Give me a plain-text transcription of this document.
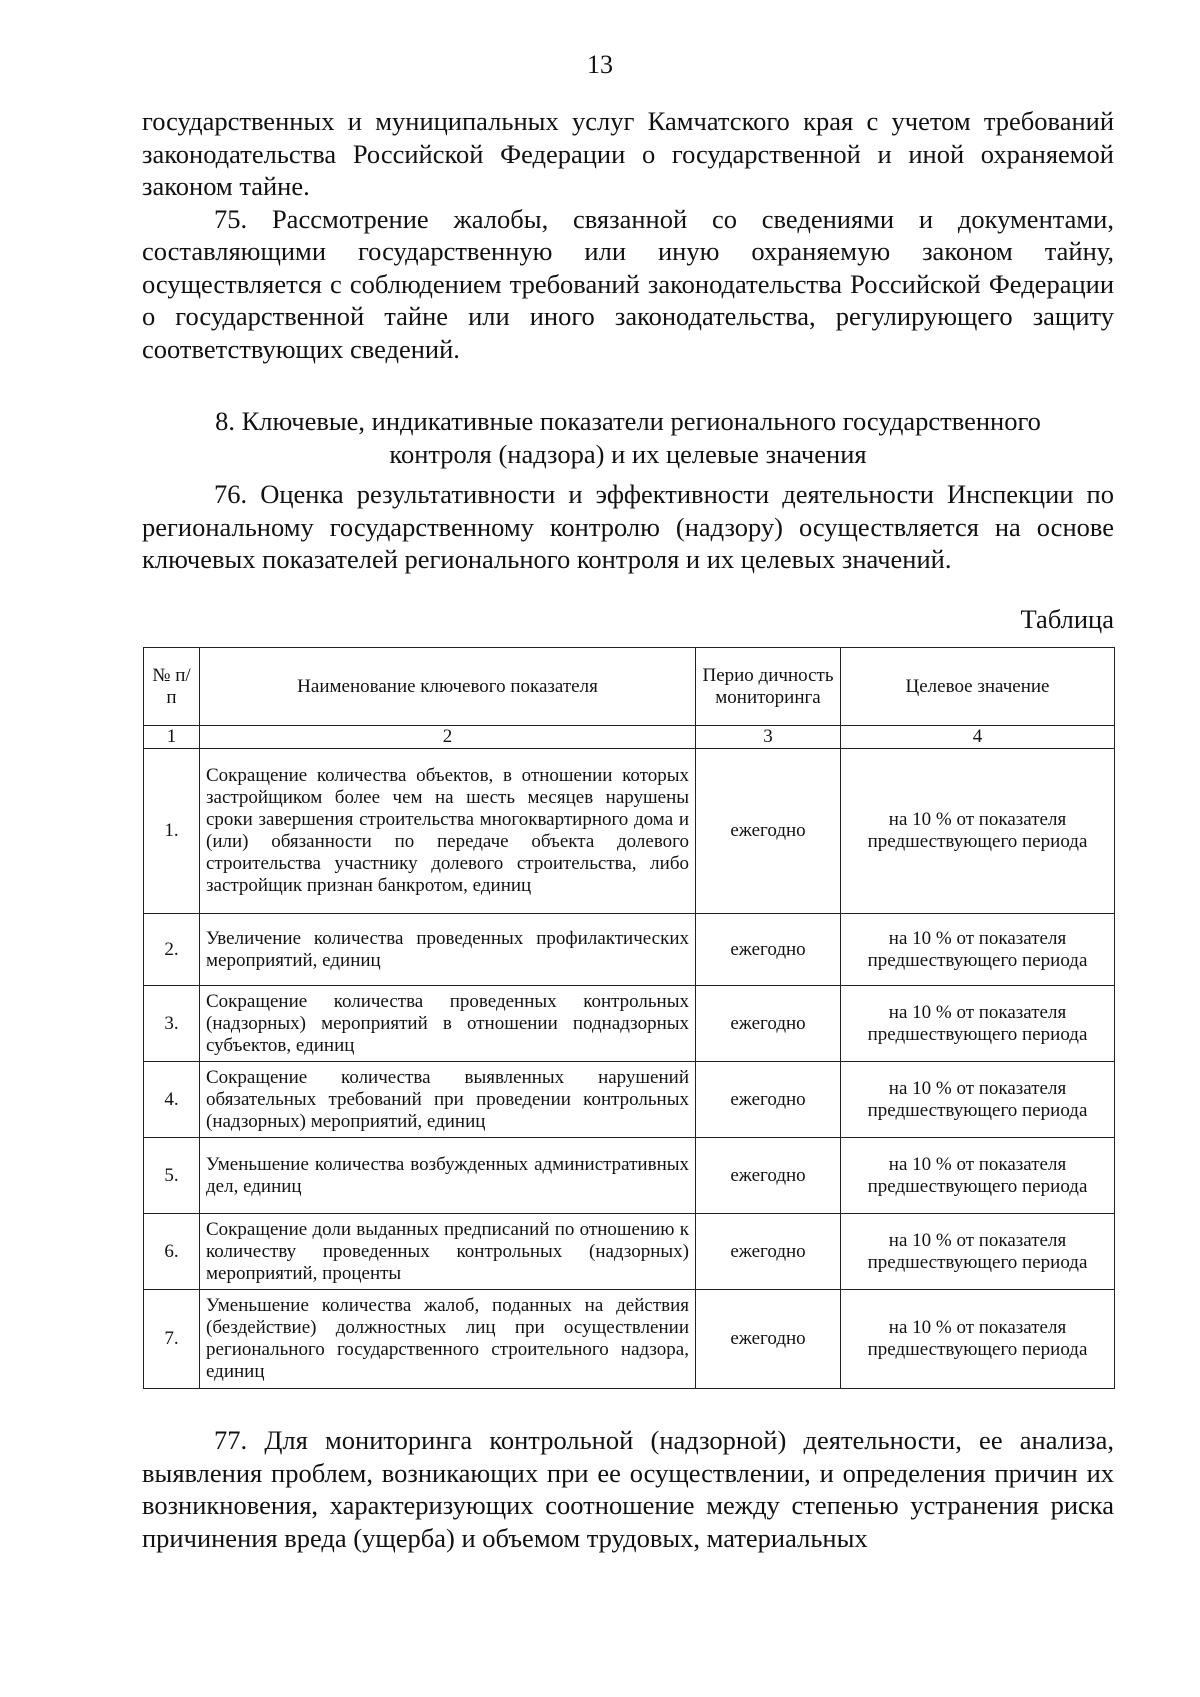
13

государственных и муниципальных услуг Камчатского края с учетом требований законодательства Российской Федерации о государственной и иной охраняемой законом тайне.

75. Рассмотрение жалобы, связанной со сведениями и документами, составляющими государственную или иную охраняемую законом тайну, осуществляется с соблюдением требований законодательства Российской Федерации о государственной тайне или иного законодательства, регулирующего защиту соответствующих сведений.

8. Ключевые, индикативные показатели регионального государственного
контроля (надзора) и их целевые значения

76. Оценка результативности и эффективности деятельности Инспекции по региональному государственному контролю (надзору) осуществляется на основе ключевых показателей регионального контроля и их целевых значений.

Таблица
№ п/п	Наименование ключевого показателя	Перио дичность мониторинга	Целевое значение
1	2	3	4
1.	Сокращение количества объектов, в отношении которых застройщиком более чем на шесть месяцев нарушены сроки завершения строительства многоквартирного дома и (или) обязанности по передаче объекта долевого строительства участнику долевого строительства, либо застройщик признан банкротом, единиц	ежегодно	на 10 % от показателя предшествующего периода
2.	Увеличение количества проведенных профилактических мероприятий, единиц	ежегодно	на 10 % от показателя предшествующего периода
3.	Сокращение количества проведенных контрольных (надзорных) мероприятий в отношении поднадзорных субъектов, единиц	ежегодно	на 10 % от показателя предшествующего периода
4.	Сокращение количества выявленных нарушений обязательных требований при проведении контрольных (надзорных) мероприятий, единиц	ежегодно	на 10 % от показателя предшествующего периода
5.	Уменьшение количества возбужденных административных дел, единиц	ежегодно	на 10 % от показателя предшествующего периода
6.	Сокращение доли выданных предписаний по отношению к количеству проведенных контрольных (надзорных) мероприятий, проценты	ежегодно	на 10 % от показателя предшествующего периода
7.	Уменьшение количества жалоб, поданных на действия (бездействие) должностных лиц при осуществлении регионального государственного строительного надзора, единиц	ежегодно	на 10 % от показателя предшествующего периода

77. Для мониторинга контрольной (надзорной) деятельности, ее анализа, выявления проблем, возникающих при ее осуществлении, и определения причин их возникновения, характеризующих соотношение между степенью устранения риска причинения вреда (ущерба) и объемом трудовых, материальных
